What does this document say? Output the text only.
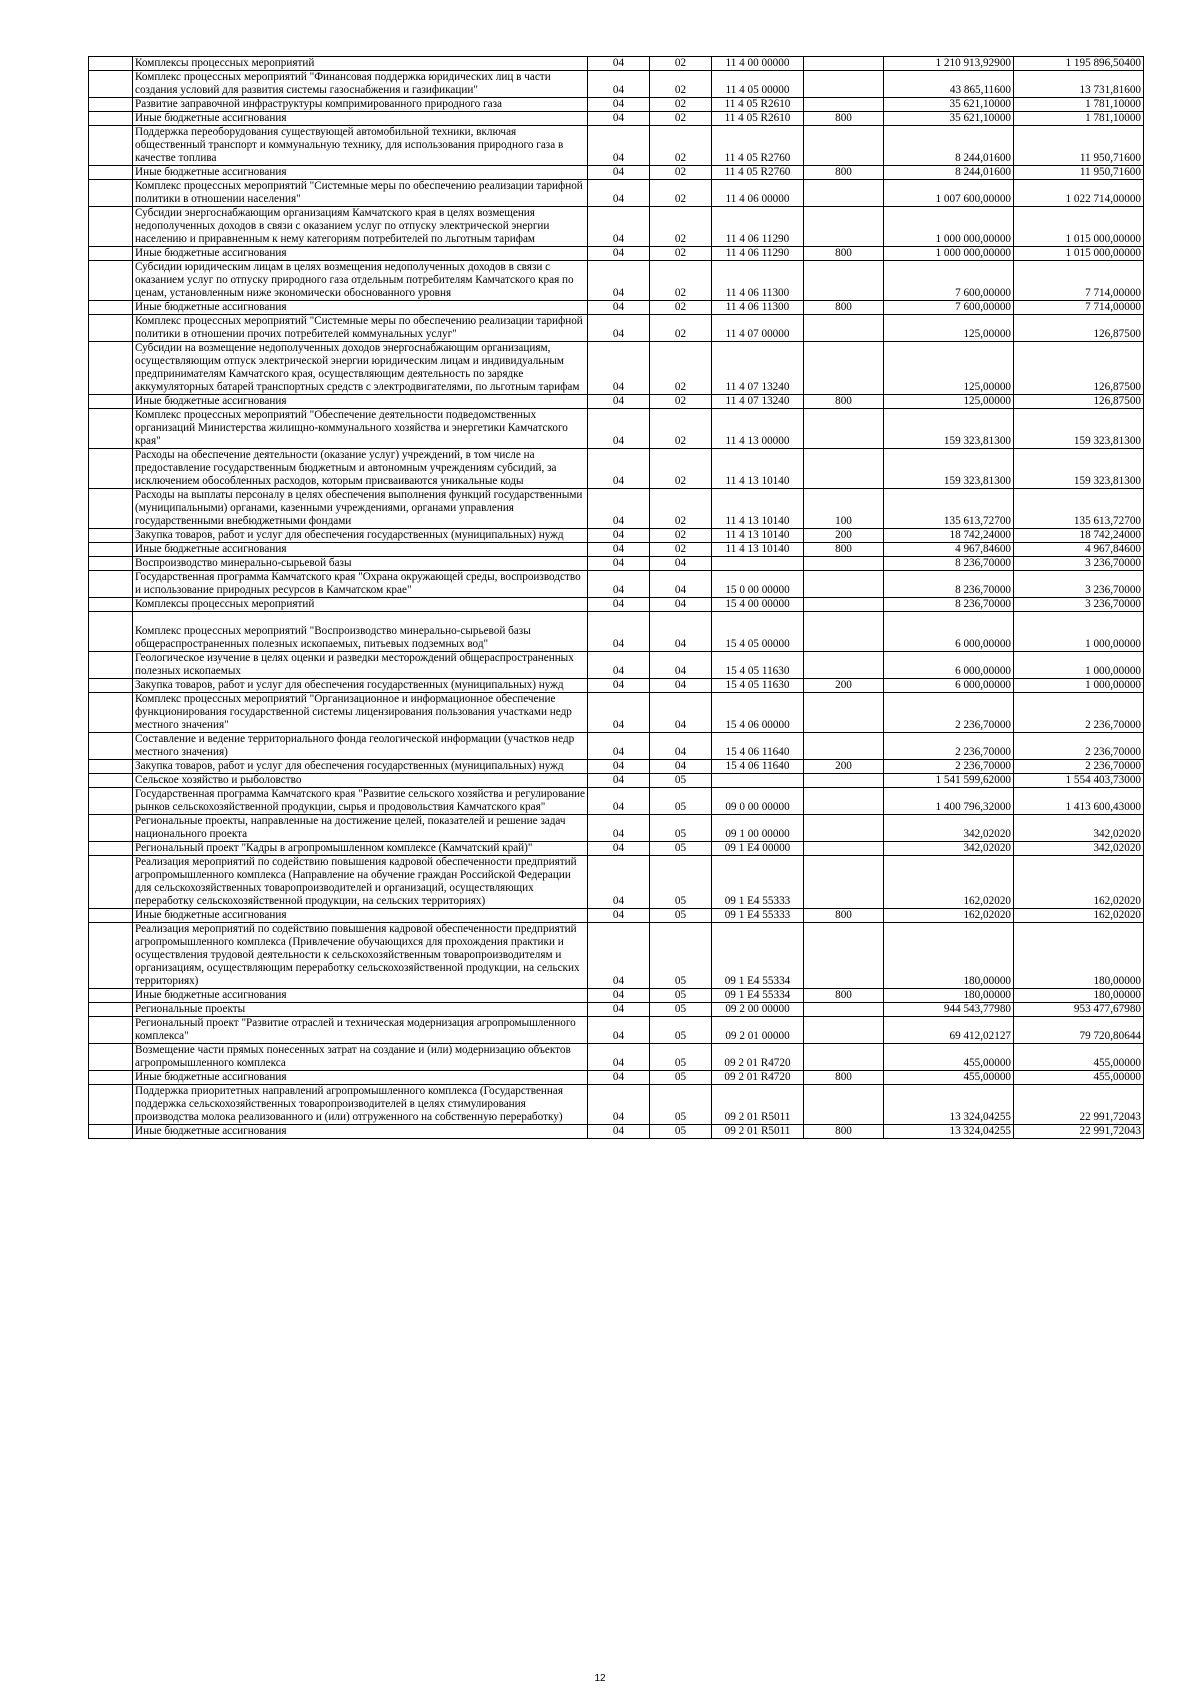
	Комплексы процессных мероприятий	04	02	11 4 00 00000		1 210 913,92900	1 195 896,50400
	Комплекс процессных мероприятий "Финансовая поддержка юридических лиц в части создания условий для развития системы газоснабжения и газификации"	04	02	11 4 05 00000		43 865,11600	13 731,81600
	Развитие заправочной инфраструктуры компримированного природного газа	04	02	11 4 05 R2610		35 621,10000	1 781,10000
	Иные бюджетные ассигнования	04	02	11 4 05 R2610	800	35 621,10000	1 781,10000
	Поддержка переоборудования существующей автомобильной техники, включая общественный транспорт и коммунальную технику, для использования природного газа в качестве топлива	04	02	11 4 05 R2760		8 244,01600	11 950,71600
	Иные бюджетные ассигнования	04	02	11 4 05 R2760	800	8 244,01600	11 950,71600
	Комплекс процессных мероприятий "Системные меры по обеспечению реализации тарифной политики в отношении населения"	04	02	11 4 06 00000		1 007 600,00000	1 022 714,00000
	Субсидии энергоснабжающим организациям Камчатского края в целях возмещения недополученных доходов в связи с оказанием услуг по отпуску электрической энергии населению и приравненным к нему категориям потребителей по льготным тарифам	04	02	11 4 06 11290		1 000 000,00000	1 015 000,00000
	Иные бюджетные ассигнования	04	02	11 4 06 11290	800	1 000 000,00000	1 015 000,00000
	Субсидии юридическим лицам в целях возмещения недополученных доходов в связи с оказанием услуг по отпуску природного газа отдельным потребителям Камчатского края по ценам, установленным ниже экономически обоснованного уровня	04	02	11 4 06 11300		7 600,00000	7 714,00000
	Иные бюджетные ассигнования	04	02	11 4 06 11300	800	7 600,00000	7 714,00000
	Комплекс процессных мероприятий "Системные меры по обеспечению реализации тарифной политики в отношении прочих потребителей коммунальных услуг"	04	02	11 4 07 00000		125,00000	126,87500
	Субсидии на возмещение недополученных доходов энергоснабжающим организациям, осуществляющим отпуск электрической энергии юридическим лицам и индивидуальным предпринимателям Камчатского края, осуществляющим деятельность по зарядке аккумуляторных батарей транспортных средств с электродвигателями, по льготным тарифам	04	02	11 4 07 13240		125,00000	126,87500
	Иные бюджетные ассигнования	04	02	11 4 07 13240	800	125,00000	126,87500
	Комплекс процессных мероприятий "Обеспечение деятельности подведомственных организаций Министерства жилищно-коммунального хозяйства и энергетики Камчатского края"	04	02	11 4 13 00000		159 323,81300	159 323,81300
	Расходы на обеспечение деятельности (оказание услуг) учреждений, в том числе на предоставление государственным бюджетным и автономным учреждениям субсидий, за исключением обособленных расходов, которым присваиваются уникальные коды	04	02	11 4 13 10140		159 323,81300	159 323,81300
	Расходы на выплаты персоналу в целях обеспечения выполнения функций государственными (муниципальными) органами, казенными учреждениями, органами управления государственными внебюджетными фондами	04	02	11 4 13 10140	100	135 613,72700	135 613,72700
	Закупка товаров, работ и услуг для обеспечения государственных (муниципальных) нужд	04	02	11 4 13 10140	200	18 742,24000	18 742,24000
	Иные бюджетные ассигнования	04	02	11 4 13 10140	800	4 967,84600	4 967,84600
	Воспроизводство минерально-сырьевой базы	04	04			8 236,70000	3 236,70000
	Государственная программа Камчатского края "Охрана окружающей среды, воспроизводство и использование природных ресурсов в Камчатском крае"	04	04	15 0 00 00000		8 236,70000	3 236,70000
	Комплексы процессных мероприятий	04	04	15 4 00 00000		8 236,70000	3 236,70000
	Комплекс процессных мероприятий "Воспроизводство минерально-сырьевой базы общераспространенных полезных ископаемых, питьевых подземных вод"	04	04	15 4 05 00000		6 000,00000	1 000,00000
	Геологическое изучение в целях оценки и разведки месторождений общераспространенных полезных ископаемых	04	04	15 4 05 11630		6 000,00000	1 000,00000
	Закупка товаров, работ и услуг для обеспечения государственных (муниципальных) нужд	04	04	15 4 05 11630	200	6 000,00000	1 000,00000
	Комплекс процессных мероприятий "Организационное и информационное обеспечение функционирования государственной системы лицензирования пользования участками недр местного значения"	04	04	15 4 06 00000		2 236,70000	2 236,70000
	Составление и ведение территориального фонда геологической информации (участков недр местного значения)	04	04	15 4 06 11640		2 236,70000	2 236,70000
	Закупка товаров, работ и услуг для обеспечения государственных (муниципальных) нужд	04	04	15 4 06 11640	200	2 236,70000	2 236,70000
	Сельское хозяйство и рыболовство	04	05			1 541 599,62000	1 554 403,73000
	Государственная программа Камчатского края "Развитие сельского хозяйства и регулирование рынков сельскохозяйственной продукции, сырья и продовольствия Камчатского края"	04	05	09 0 00 00000		1 400 796,32000	1 413 600,43000
	Региональные проекты, направленные на достижение целей, показателей и решение задач национального проекта	04	05	09 1 00 00000		342,02020	342,02020
	Региональный проект "Кадры в агропромышленном комплексе (Камчатский край)"	04	05	09 1 E4 00000		342,02020	342,02020
	Реализация мероприятий по содействию повышения кадровой обеспеченности предприятий агропромышленного комплекса (Направление на обучение граждан Российской Федерации для сельскохозяйственных товаропроизводителей и организаций, осуществляющих переработку сельскохозяйственной продукции, на сельских территориях)	04	05	09 1 E4 55333		162,02020	162,02020
	Иные бюджетные ассигнования	04	05	09 1 E4 55333	800	162,02020	162,02020
	Реализация мероприятий по содействию повышения кадровой обеспеченности предприятий агропромышленного комплекса (Привлечение обучающихся для прохождения практики и осуществления трудовой деятельности к сельскохозяйственным товаропроизводителям и организациям, осуществляющим переработку сельскохозяйственной продукции, на сельских территориях)	04	05	09 1 E4 55334		180,00000	180,00000
	Иные бюджетные ассигнования	04	05	09 1 E4 55334	800	180,00000	180,00000
	Региональные проекты	04	05	09 2 00 00000		944 543,77980	953 477,67980
	Региональный проект "Развитие отраслей и техническая модернизация агропромышленного комплекса"	04	05	09 2 01 00000		69 412,02127	79 720,80644
	Возмещение части прямых понесенных затрат на создание и (или) модернизацию объектов агропромышленного комплекса	04	05	09 2 01 R4720		455,00000	455,00000
	Иные бюджетные ассигнования	04	05	09 2 01 R4720	800	455,00000	455,00000
	Поддержка приоритетных направлений агропромышленного комплекса (Государственная поддержка сельскохозяйственных товаропроизводителей в целях стимулирования производства молока реализованного и (или) отгруженного на собственную переработку)	04	05	09 2 01 R5011		13 324,04255	22 991,72043
	Иные бюджетные ассигнования	04	05	09 2 01 R5011	800	13 324,04255	22 991,72043
12
